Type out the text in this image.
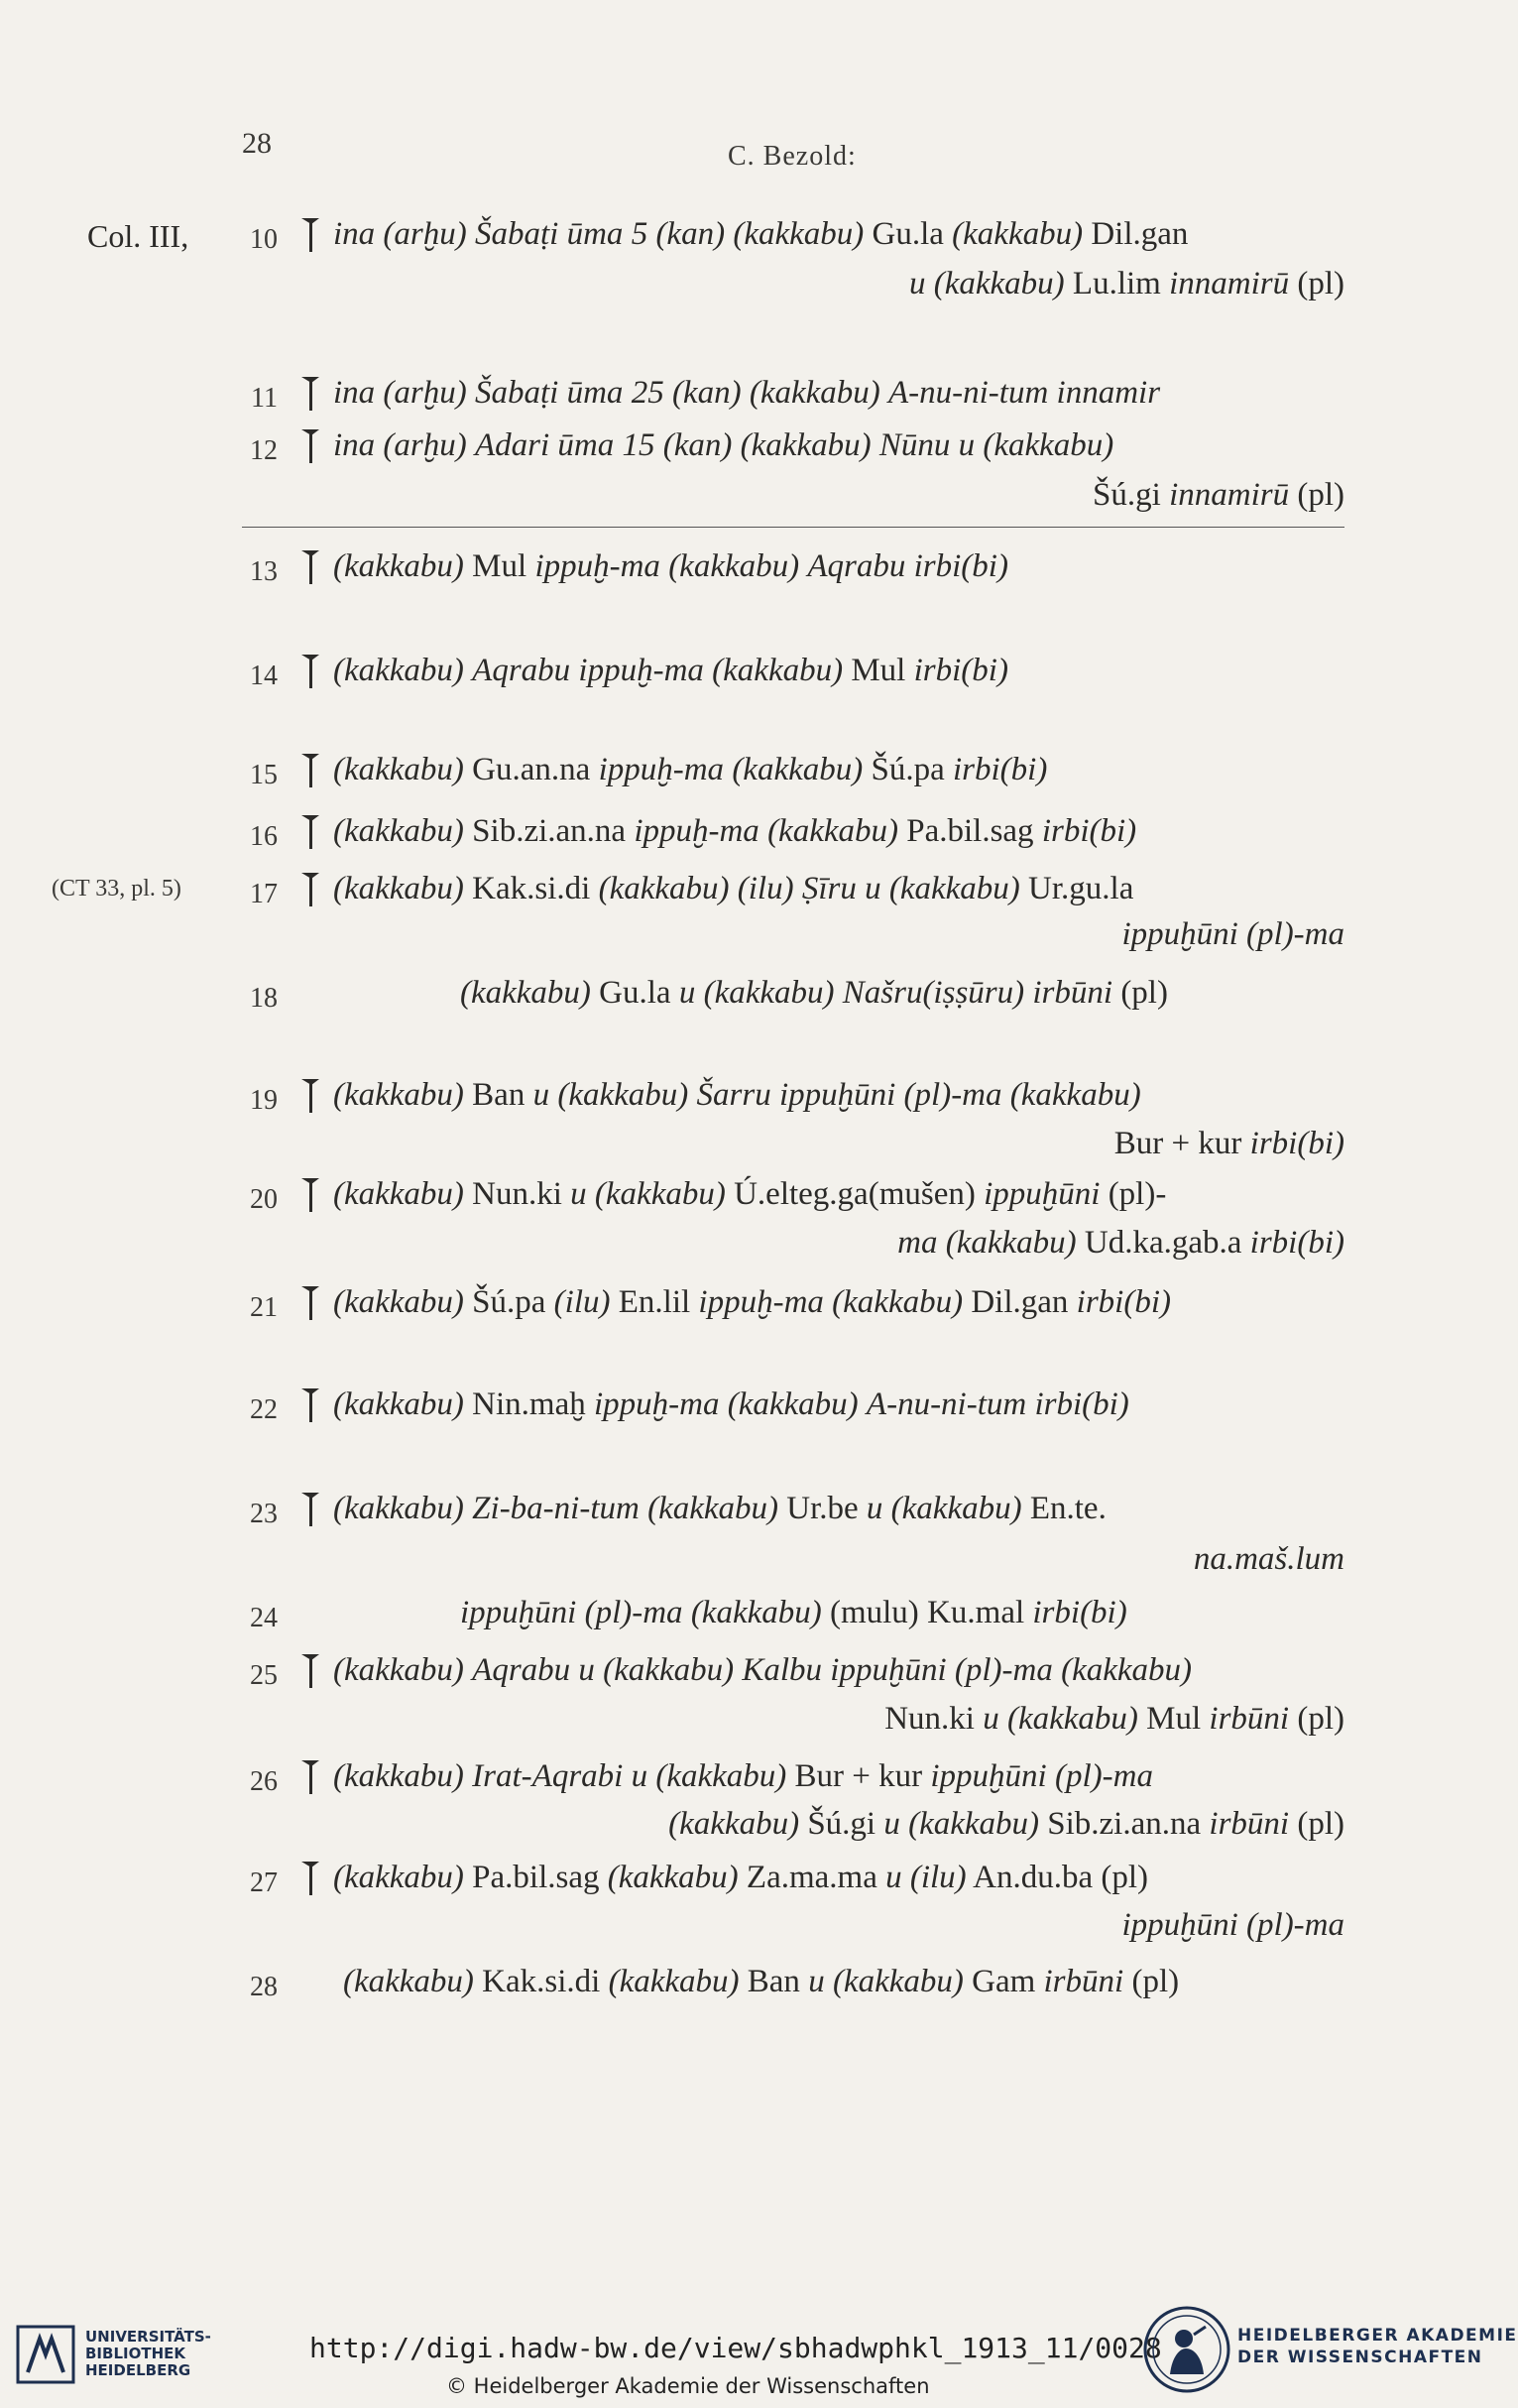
28	C. Bezold:
Col. III,
(CT 33, pl. 5)
10 ina (arḫu) Šabaṭi ūma 5 (kan) (kakkabu) Gu.la (kakkabu) Dil.gan
u (kakkabu) Lu.lim innamirū (pl)
11 ina (arḫu) Šabaṭi ūma 25 (kan) (kakkabu) A-nu-ni-tum innamir
12 ina (arḫu) Adari ūma 15 (kan) (kakkabu) Nūnu u (kakkabu)
Šú.gi innamirū (pl)
13 (kakkabu) Mul ippuḫ-ma (kakkabu) Aqrabu irbi(bi)
14 (kakkabu) Aqrabu ippuḫ-ma (kakkabu) Mul irbi(bi)
15 (kakkabu) Gu.an.na ippuḫ-ma (kakkabu) Šú.pa irbi(bi)
16 (kakkabu) Sib.zi.an.na ippuḫ-ma (kakkabu) Pa.bil.sag irbi(bi)
17 (kakkabu) Kak.si.di (kakkabu) (ilu) Ṣīru u (kakkabu) Ur.gu.la
ippuḫūni (pl)-ma
18	(kakkabu) Gu.la u (kakkabu) Našru(iṣṣūru) irbūni (pl)
19 (kakkabu) Ban u (kakkabu) Šarru ippuḫūni (pl)-ma (kakkabu)
Bur + kur irbi(bi)
20 (kakkabu) Nun.ki u (kakkabu) Ú.elteg.ga(mušen) ippuḫūni (pl)-
ma (kakkabu) Ud.ka.gab.a irbi(bi)
21 (kakkabu) Šú.pa (ilu) En.lil ippuḫ-ma (kakkabu) Dil.gan irbi(bi)
22 (kakkabu) Nin.maḫ ippuḫ-ma (kakkabu) A-nu-ni-tum irbi(bi)
23 (kakkabu) Zi-ba-ni-tum (kakkabu) Ur.be u (kakkabu) En.te.
na.maš.lum
24	ippuḫūni (pl)-ma (kakkabu) (mulu) Ku.mal irbi(bi)
25 (kakkabu) Aqrabu u (kakkabu) Kalbu ippuḫūni (pl)-ma (kakkabu)
Nun.ki u (kakkabu) Mul irbūni (pl)
26 (kakkabu) Irat-Aqrabi u (kakkabu) Bur + kur ippuḫūni (pl)-ma
(kakkabu) Šú.gi u (kakkabu) Sib.zi.an.na irbūni (pl)
27 (kakkabu) Pa.bil.sag (kakkabu) Za.ma.ma u (ilu) An.du.ba (pl)
ippuḫūni (pl)-ma
28 (kakkabu) Kak.si.di (kakkabu) Ban u (kakkabu) Gam irbūni (pl)
UNIVERSITÄTS-
BIBLIOTHEK
HEIDELBERG
http://digi.hadw-bw.de/view/sbhadwphkl_1913_11/0028
© Heidelberger Akademie der Wissenschaften
HEIDELBERGER AKADEMIE
DER WISSENSCHAFTEN
